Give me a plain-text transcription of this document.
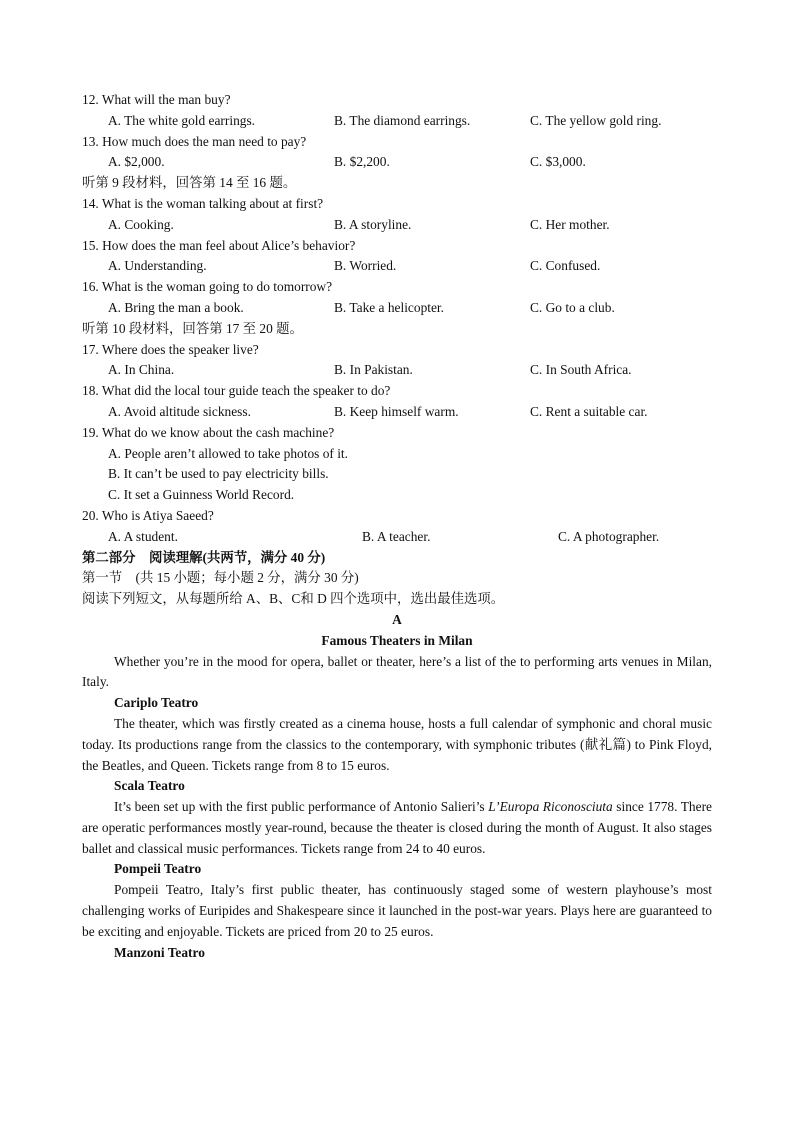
12. What will the man buy?
A. The white gold earrings.	B. The diamond earrings.	C. The yellow gold ring.
13. How much does the man need to pay?
A. $2,000.	B. $2,200.	C. $3,000.
听第 9 段材料，回答第 14 至 16 题。
14. What is the woman talking about at first?
A. Cooking.	B. A storyline.	C. Her mother.
15. How does the man feel about Alice’s behavior?
A. Understanding.	B. Worried.	C. Confused.
16. What is the woman going to do tomorrow?
A. Bring the man a book.	B. Take a helicopter.	C. Go to a club.
听第 10 段材料，回答第 17 至 20 题。
17. Where does the speaker live?
A. In China.	B. In Pakistan.	C. In South Africa.
18. What did the local tour guide teach the speaker to do?
A. Avoid altitude sickness.	B. Keep himself warm.	C. Rent a suitable car.
19. What do we know about the cash machine?
A. People aren’t allowed to take photos of it.
B. It can’t be used to pay electricity bills.
C. It set a Guinness World Record.
20. Who is Atiya Saeed?
A. A student.	B. A teacher.	C. A photographer.
第二部分　阅读理解(共两节，满分 40 分)
第一节　(共 15 小题；每小题 2 分，满分 30 分)
阅读下列短文，从每题所给 A、B、C和 D 四个选项中，选出最佳选项。
A
Famous Theaters in Milan

Whether you’re in the mood for opera, ballet or theater, here’s a list of the to performing arts venues in Milan, Italy.

Cariplo Teatro

The theater, which was firstly created as a cinema house, hosts a full calendar of symphonic and choral music today. Its productions range from the classics to the contemporary, with symphonic tributes (献礼篇) to Pink Floyd, the Beatles, and Queen. Tickets range from 8 to 15 euros.

Scala Teatro

It’s been set up with the first public performance of Antonio Salieri’s L’Europa Riconosciuta since 1778. There are operatic performances mostly year-round, because the theater is closed during the month of August. It also stages ballet and classical music performances. Tickets range from 24 to 40 euros.

Pompeii Teatro

Pompeii Teatro, Italy’s first public theater, has continuously staged some of western playhouse’s most challenging works of Euripides and Shakespeare since it launched in the post-war years. Plays here are guaranteed to be exciting and enjoyable. Tickets are priced from 20 to 25 euros.

Manzoni Teatro
